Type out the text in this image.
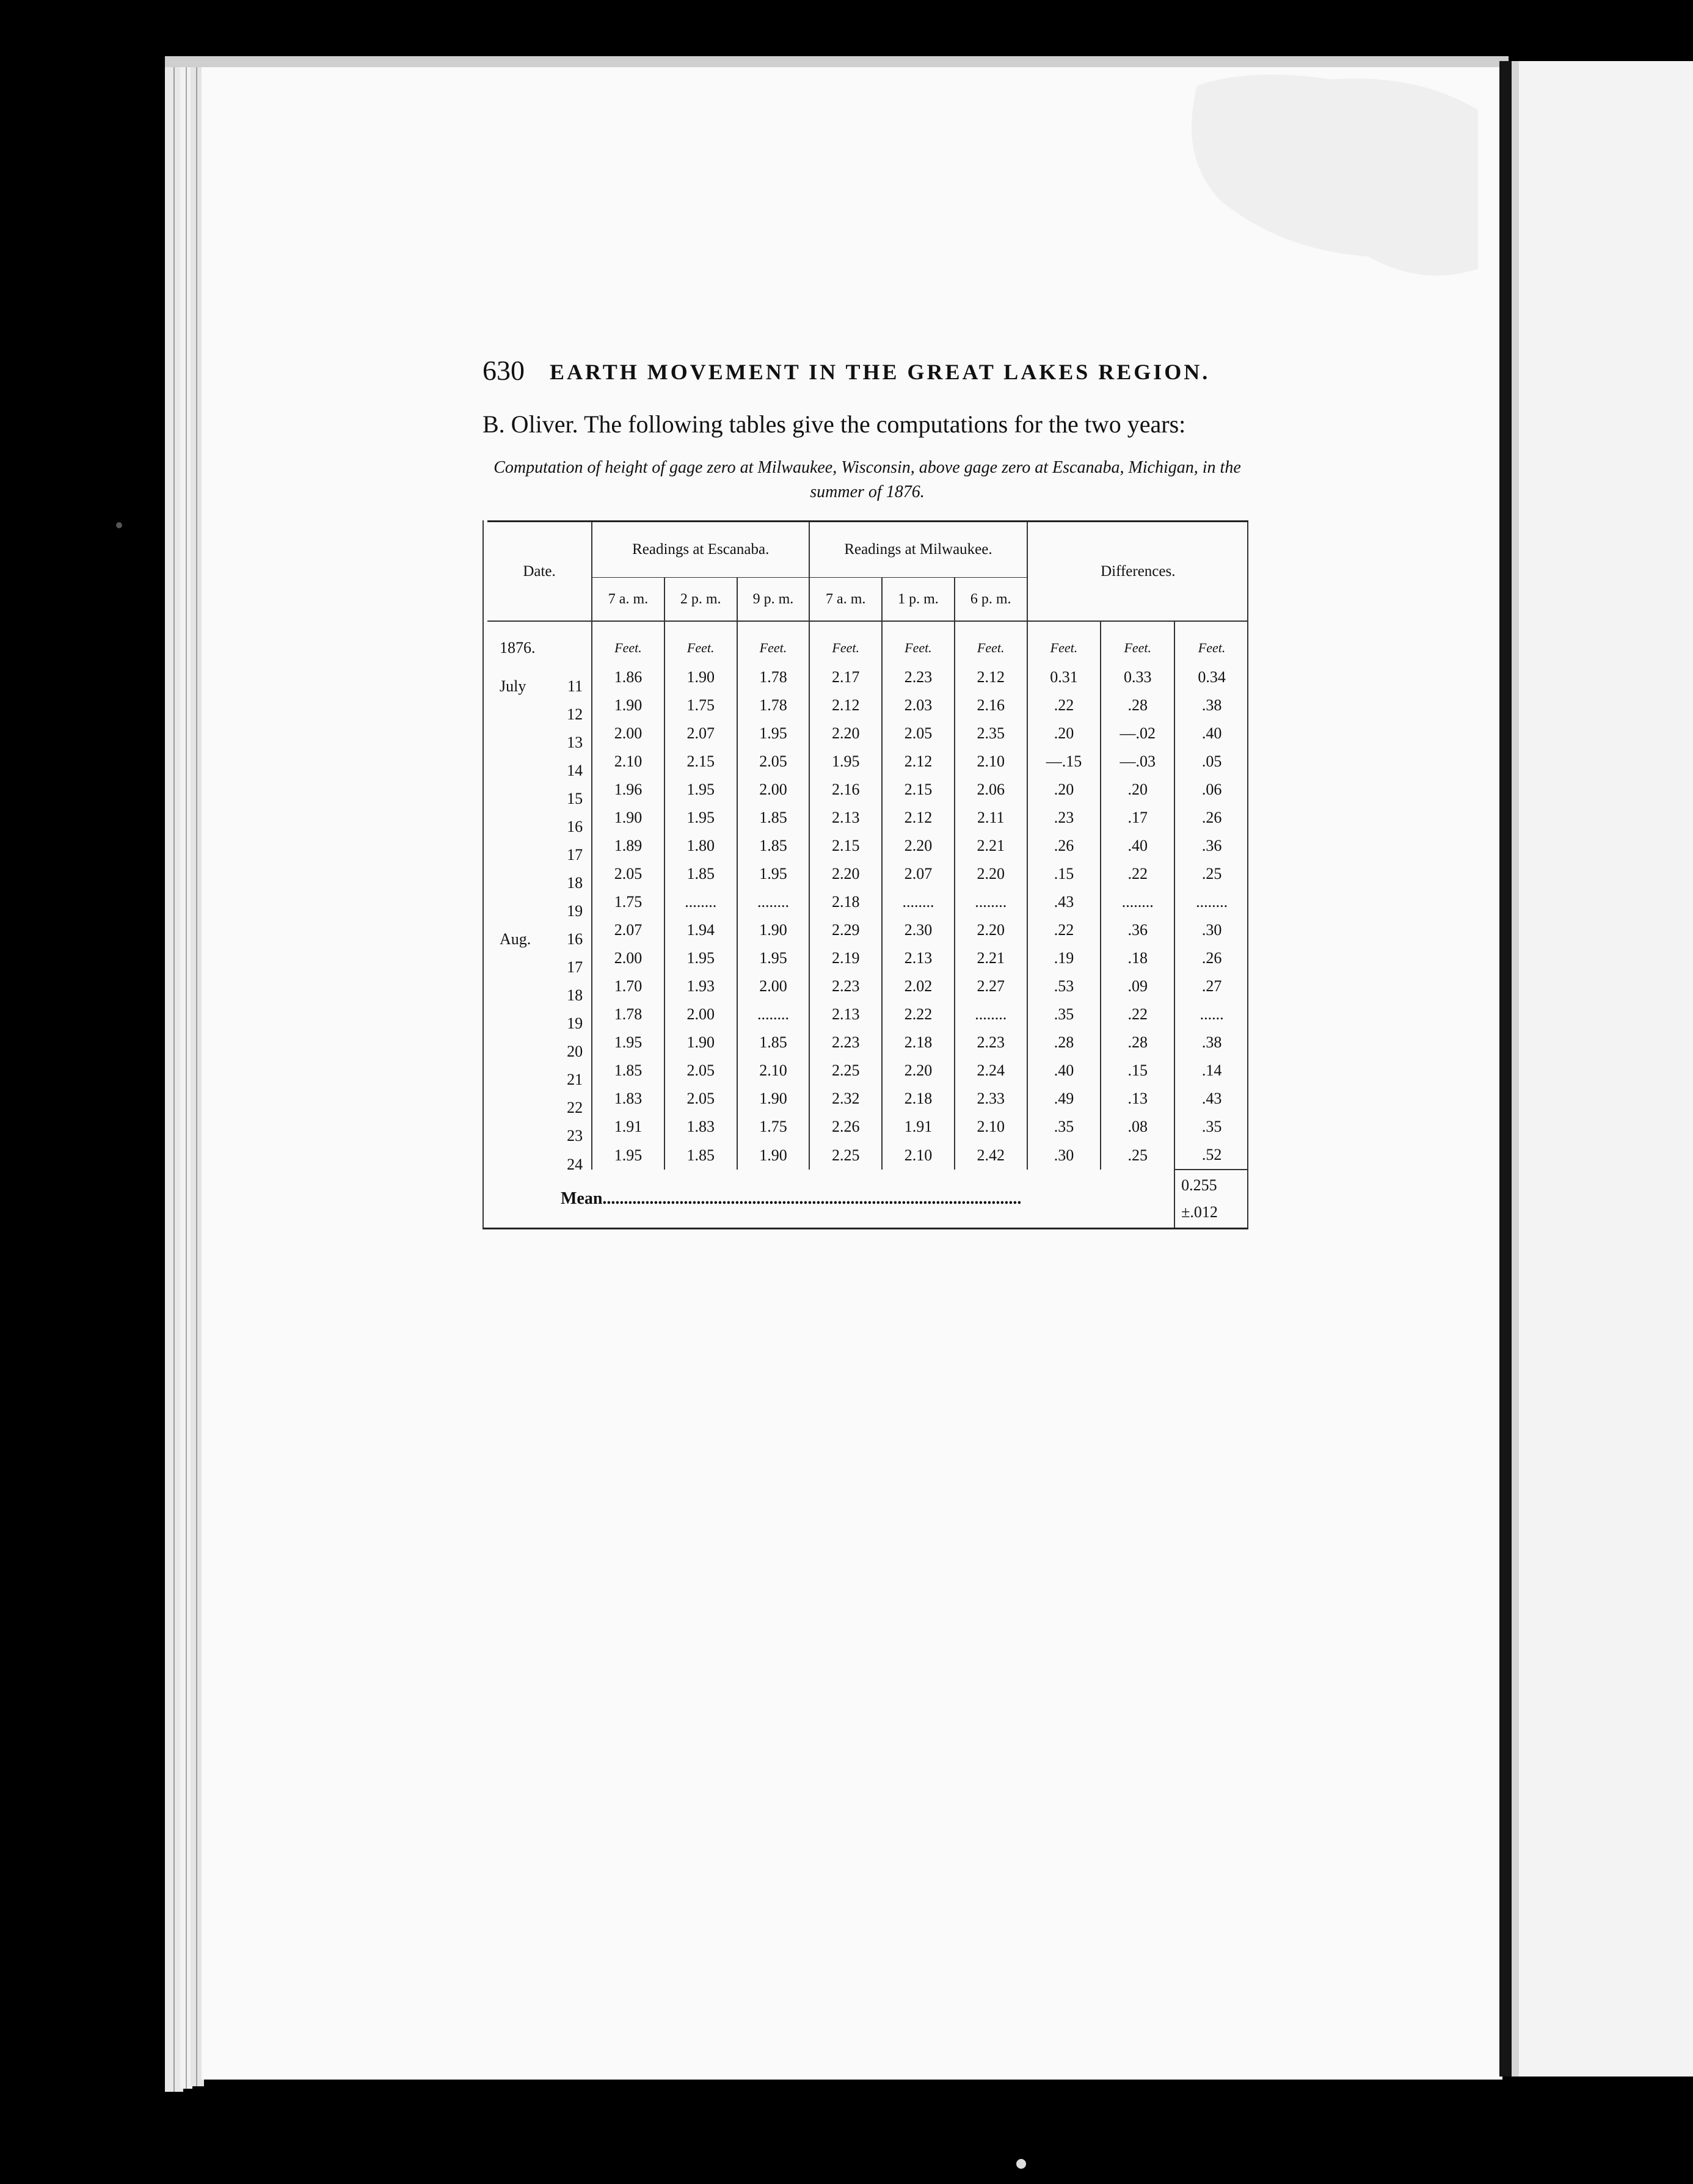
630 EARTH MOVEMENT IN THE GREAT LAKES REGION.
B. Oliver. The following tables give the computations for the two years:
Computation of height of gage zero at Milwaukee, Wisconsin, above gage zero at Escanaba, Michigan, in the summer of 1876.
Date.	Readings at Escanaba.			Readings at Milwaukee.			Differences.		
	7 a. m.	2 p. m.	9 p. m.	7 a. m.	1 p. m.	6 p. m.			
1876.	Feet.	Feet.	Feet.	Feet.	Feet.	Feet.	Feet.	Feet.	Feet.

July 11	1.86	1.90	1.78	2.17	2.23	2.12	0.31	0.33	0.34

12	1.90	1.75	1.78	2.12	2.03	2.16	.22	.28	.38

13	2.00	2.07	1.95	2.20	2.05	2.35	.20	—.02	.40

14	2.10	2.15	2.05	1.95	2.12	2.10	—.15	—.03	.05

15	1.96	1.95	2.00	2.16	2.15	2.06	.20	.20	.06

16	1.90	1.95	1.85	2.13	2.12	2.11	.23	.17	.26

17	1.89	1.80	1.85	2.15	2.20	2.21	.26	.40	.36

18	2.05	1.85	1.95	2.20	2.07	2.20	.15	.22	.25

19	1.75	........	........	2.18	........	........	.43	........	........

Aug. 16	2.07	1.94	1.90	2.29	2.30	2.20	.22	.36	.30

17	2.00	1.95	1.95	2.19	2.13	2.21	.19	.18	.26

18	1.70	1.93	2.00	2.23	2.02	2.27	.53	.09	.27

19	1.78	2.00	........	2.13	2.22	........	.35	.22	......

20	1.95	1.90	1.85	2.23	2.18	2.23	.28	.28	.38

21	1.85	2.05	2.10	2.25	2.20	2.24	.40	.15	.14

22	1.83	2.05	1.90	2.32	2.18	2.33	.49	.13	.43

23	1.91	1.83	1.75	2.26	1.91	2.10	.35	.08	.35

24	1.95	1.85	1.90	2.25	2.10	2.42	.30	.25	.52
Mean..................................................................................................									0.255
±.012
